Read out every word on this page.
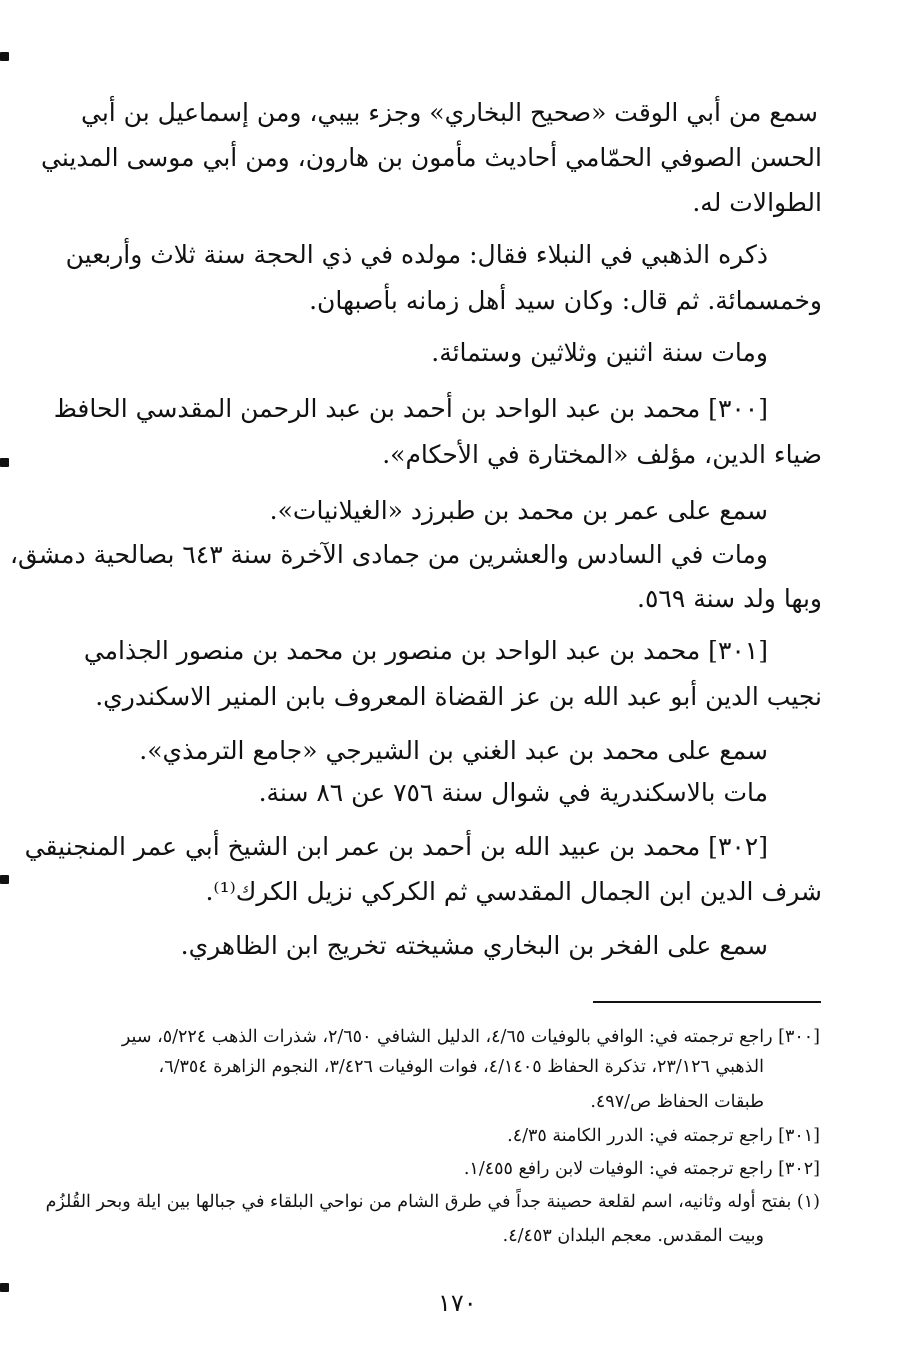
سمع من أبي الوقت «صحيح البخاري» وجزء بيبي، ومن إسماعيل بن أبي
الحسن الصوفي الحمّامي أحاديث مأمون بن هارون، ومن أبي موسى المديني
الطوالات له.
ذكره الذهبي في النبلاء فقال: مولده في ذي الحجة سنة ثلاث وأربعين
وخمسمائة. ثم قال: وكان سيد أهل زمانه بأصبهان.
ومات سنة اثنين وثلاثين وستمائة.
[٣٠٠] محمد بن عبد الواحد بن أحمد بن عبد الرحمن المقدسي الحافظ
ضياء الدين، مؤلف «المختارة في الأحكام».
سمع على عمر بن محمد بن طبرزد «الغيلانيات».
ومات في السادس والعشرين من جمادى الآخرة سنة ٦٤٣ بصالحية دمشق،
وبها ولد سنة ٥٦٩.
[٣٠١] محمد بن عبد الواحد بن منصور بن محمد بن منصور الجذامي
نجيب الدين أبو عبد الله بن عز القضاة المعروف بابن المنير الاسكندري.
سمع على محمد بن عبد الغني بن الشيرجي «جامع الترمذي».
مات بالاسكندرية في شوال سنة ٧٥٦ عن ٨٦ سنة.
[٣٠٢] محمد بن عبيد الله بن أحمد بن عمر ابن الشيخ أبي عمر المنجنيقي
شرف الدين ابن الجمال المقدسي ثم الكركي نزيل الكرك⁽¹⁾.
سمع على الفخر بن البخاري مشيخته تخريج ابن الظاهري.
[٣٠٠] راجع ترجمته في: الوافي بالوفيات ٤/٦٥، الدليل الشافي ٢/٦٥٠، شذرات الذهب ٥/٢٢٤، سير
الذهبي ٢٣/١٢٦، تذكرة الحفاظ ٤/١٤٠٥، فوات الوفيات ٣/٤٢٦، النجوم الزاهرة ٦/٣٥٤،
طبقات الحفاظ ص/٤٩٧.
[٣٠١] راجع ترجمته في: الدرر الكامنة ٤/٣٥.
[٣٠٢] راجع ترجمته في: الوفيات لابن رافع ١/٤٥٥.
(١) بفتح أوله وثانيه، اسم لقلعة حصينة جداً في طرق الشام من نواحي البلقاء في جبالها بين ايلة وبحر القُلزُم
وبيت المقدس. معجم البلدان ٤/٤٥٣.
١٧٠
